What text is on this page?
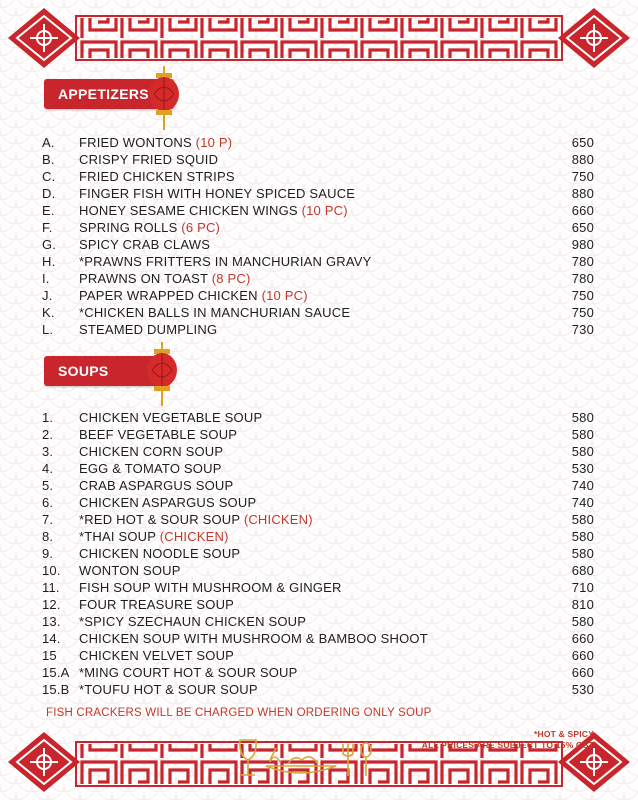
APPETIZERS
A. FRIED WONTONS (10 P)	650
B. CRISPY FRIED SQUID	880
C. FRIED CHICKEN STRIPS	750
D. FINGER FISH WITH HONEY SPICED SAUCE	880
E. HONEY SESAME CHICKEN WINGS (10 PC)	660
F. SPRING ROLLS (6 PC)	650
G. SPICY CRAB CLAWS	980
H. *PRAWNS FRITTERS IN MANCHURIAN GRAVY	780
I. PRAWNS ON TOAST (8 PC)	780
J. PAPER WRAPPED CHICKEN (10 PC)	750
K. *CHICKEN BALLS IN MANCHURIAN SAUCE	750
L. STEAMED DUMPLING	730
SOUPS
1. CHICKEN VEGETABLE SOUP	580
2. BEEF VEGETABLE SOUP	580
3. CHICKEN CORN SOUP	580
4. EGG & TOMATO SOUP	530
5. CRAB ASPARGUS SOUP	740
6. CHICKEN ASPARGUS SOUP	740
7. *RED HOT & SOUR SOUP (CHICKEN)	580
8. *THAI SOUP (CHICKEN)	580
9. CHICKEN NOODLE SOUP	580
10. WONTON SOUP	680
11. FISH SOUP WITH MUSHROOM & GINGER	710
12. FOUR TREASURE SOUP	810
13. *SPICY SZECHAUN CHICKEN SOUP	580
14. CHICKEN SOUP WITH MUSHROOM & BAMBOO SHOOT	660
15 CHICKEN VELVET SOUP	660
15.A *MING COURT HOT & SOUR SOUP	660
15.B *TOUFU HOT & SOUR SOUP	530
FISH CRACKERS WILL BE CHARGED WHEN ORDERING ONLY SOUP
*HOT & SPICY
ALL PRICES ARE SUBJECT TO 15% GST
